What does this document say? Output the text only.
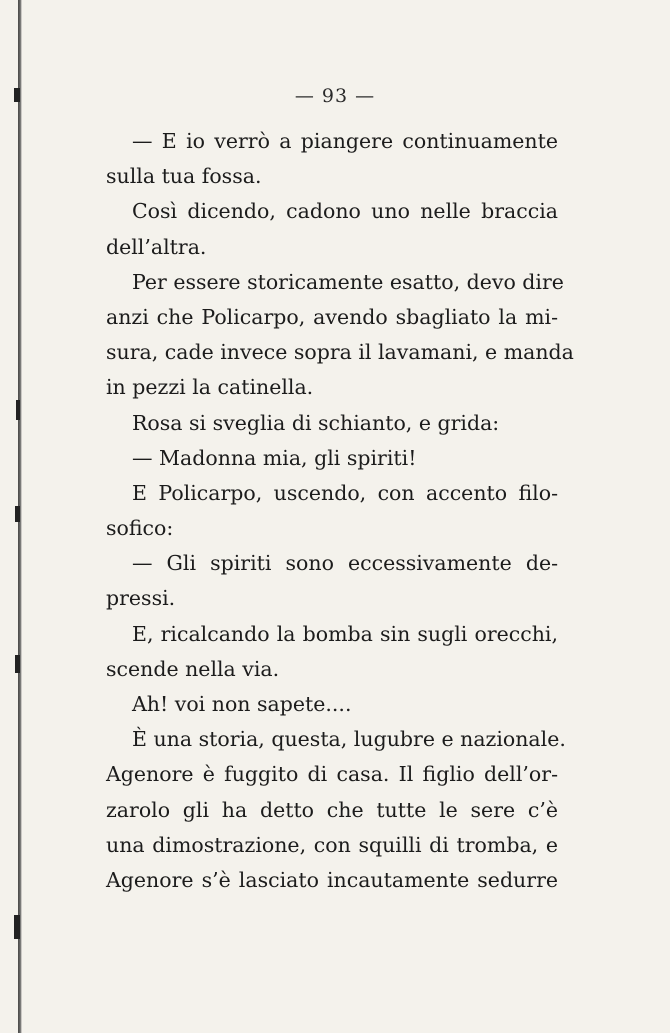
— 93 —
— E io verrò a piangere continuamente
sulla tua fossa.
Così dicendo, cadono uno nelle braccia
dell’altra.
Per essere storicamente esatto, devo dire
anzi che Policarpo, avendo sbagliato la mi-
sura, cade invece sopra il lavamani, e manda
in pezzi la catinella.
Rosa si sveglia di schianto, e grida:
— Madonna mia, gli spiriti!
E Policarpo, uscendo, con accento filo-
sofico:
— Gli spiriti sono eccessivamente de-
pressi.
E, ricalcando la bomba sin sugli orecchi,
scende nella via.
Ah! voi non sapete....
È una storia, questa, lugubre e nazionale.
Agenore è fuggito di casa. Il figlio dell’or-
zarolo gli ha detto che tutte le sere c’è
una dimostrazione, con squilli di tromba, e
Agenore s’è lasciato incautamente sedurre
